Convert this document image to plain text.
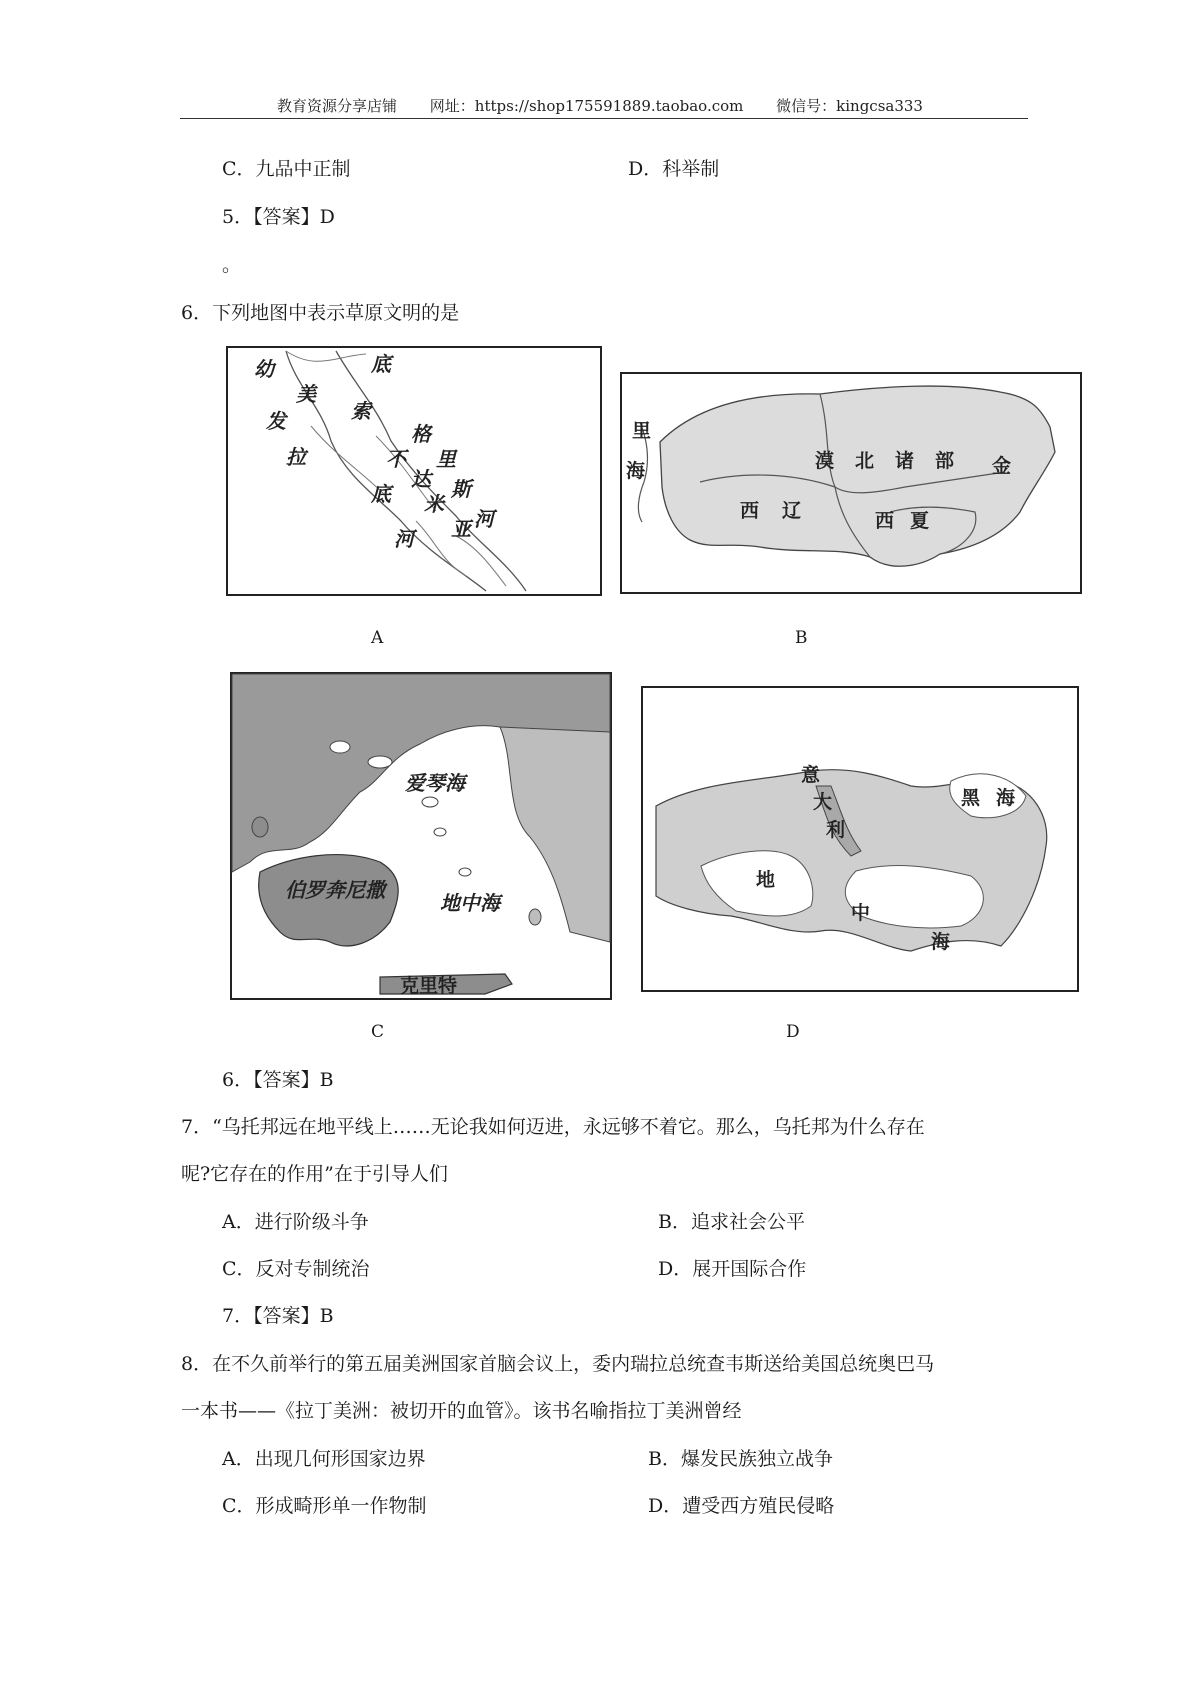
教育资源分享店铺 网址：https://shop175591889.taobao.com 微信号：kingcsa333
C．九品中正制	D．科举制
5．【答案】D
。
6．下列地图中表示草原文明的是
幼	底
美
索
发
格
不 里
拉
达
底 米
斯
河
亚
河
里
海	漠 北 诸 部 金
西 辽	西 夏
A	B
爱琴海
伯罗奔尼撒
地中海
克里特
意
大
利
黑 海
地
中
海
C	D
6．【答案】B
7．“乌托邦远在地平线上……无论我如何迈进，永远够不着它。那么，乌托邦为什么存在
呢?它存在的作用”在于引导人们
A．进行阶级斗争	B．追求社会公平
C．反对专制统治	D．展开国际合作
7．【答案】B
8．在不久前举行的第五届美洲国家首脑会议上，委内瑞拉总统查韦斯送给美国总统奥巴马
一本书——《拉丁美洲：被切开的血管》。该书名喻指拉丁美洲曾经
A．出现几何形国家边界	B．爆发民族独立战争
C．形成畸形单一作物制	D．遭受西方殖民侵略
